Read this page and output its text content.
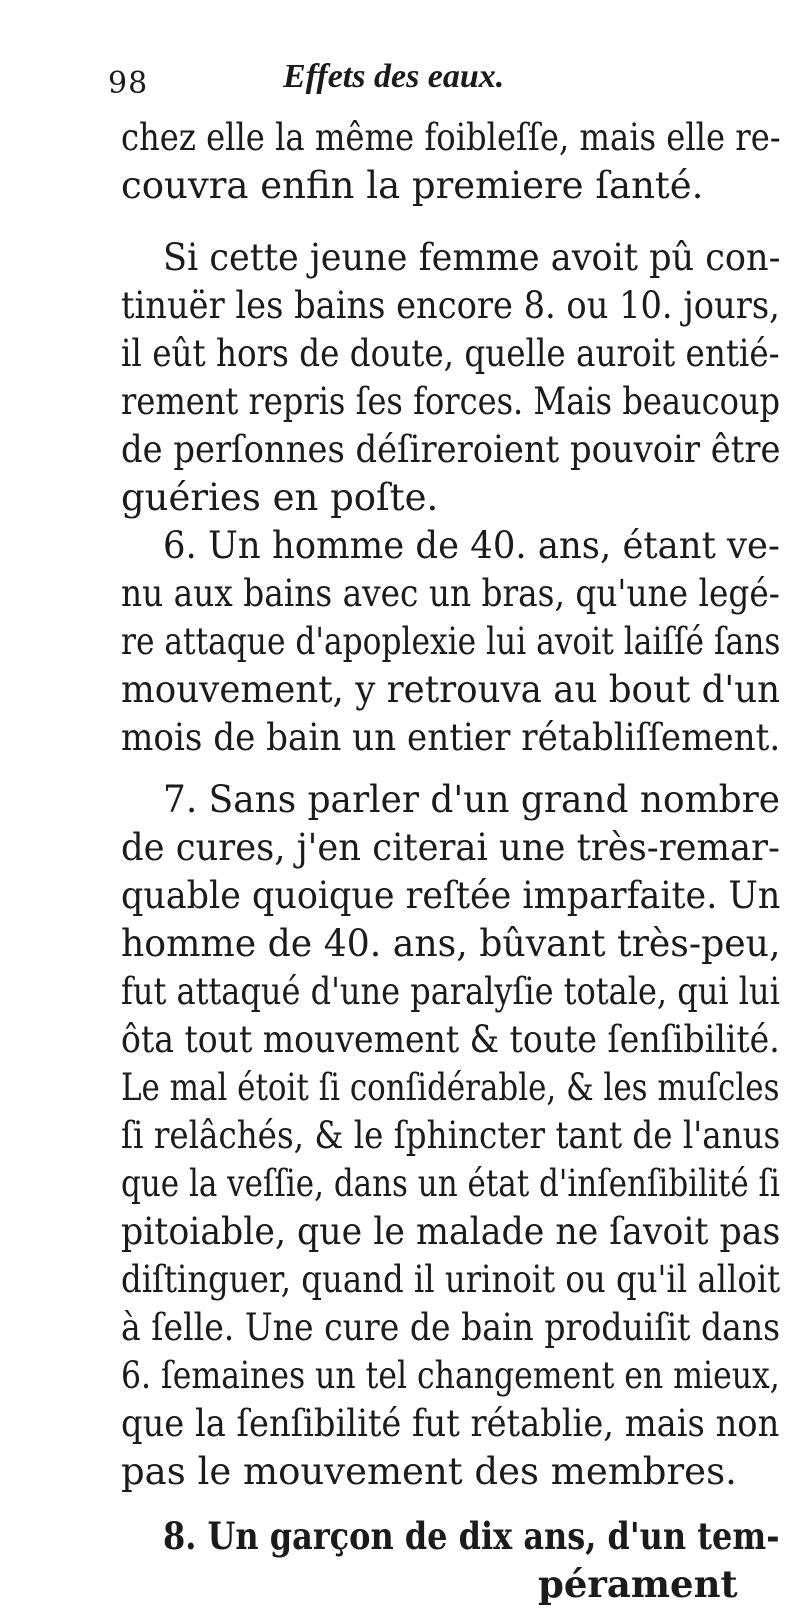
98	Effets des eaux.
chez elle la même foibleſſe, mais elle re-
couvra enfin la premiere ſanté.
Si cette jeune femme avoit pû con-
tinuër les bains encore 8. ou 10. jours,
il eût hors de doute, quelle auroit entié-
rement repris ſes forces. Mais beaucoup
de perſonnes déſireroient pouvoir être
guéries en poſte.
6. Un homme de 40. ans, étant ve-
nu aux bains avec un bras, qu'une legé-
re attaque d'apoplexie lui avoit laiſſé ſans
mouvement, y retrouva au bout d'un
mois de bain un entier rétabliſſement.
7. Sans parler d'un grand nombre
de cures, j'en citerai une très-remar-
quable quoique reſtée imparfaite. Un
homme de 40. ans, bûvant très-peu,
fut attaqué d'une paralyſie totale, qui lui
ôta tout mouvement & toute ſenſibilité.
Le mal étoit ſi conſidérable, & les muſcles
ſi relâchés, & le ſphincter tant de l'anus
que la veſſie, dans un état d'inſenſibilité ſi
pitoiable, que le malade ne ſavoit pas
diſtinguer, quand il urinoit ou qu'il alloit
à ſelle. Une cure de bain produiſit dans
6. ſemaines un tel changement en mieux,
que la ſenſibilité fut rétablie, mais non
pas le mouvement des membres.
8. Un garçon de dix ans, d'un tem-
pérament
